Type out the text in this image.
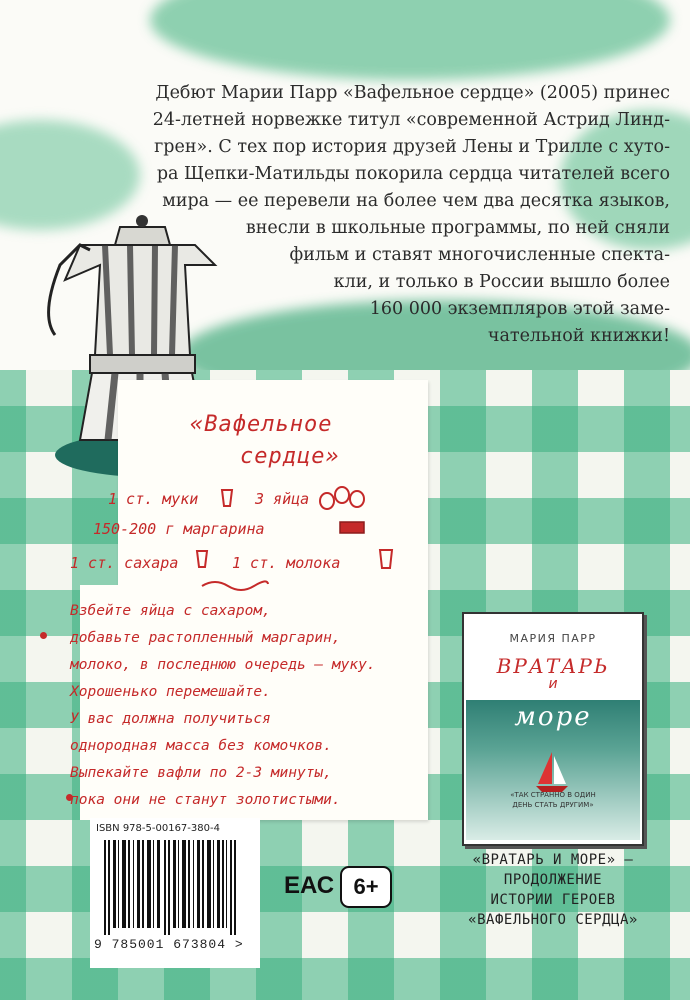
Дебют Марии Парр «Вафельное сердце» (2005) принес
24-летней норвежке титул «современной Астрид Линд-
грен». С тех пор история друзей Лены и Трилле с хуто-
ра Щепки-Матильды покорила сердца читателей всего
мира — ее перевели на более чем два десятка языков,
внесли в школьные программы, по ней сняли
фильм и ставят многочисленные спекта-
кли, и только в России вышло более
160 000 экземпляров этой заме-
чательной книжки!

«Вафельное
сердце»
1 ст. муки	3 яйца
150-200 г маргарина
1 ст. сахара	1 ст. молока

Взбейте яйца с сахаром,
добавьте растопленный маргарин,
молоко, в последнюю очередь – муку.
Хорошенько перемешайте.
У вас должна получиться
однородная масса без комочков.
Выпекайте вафли по 2-3 минуты,
пока они не станут золотистыми.

МАРИЯ ПАРР
ВРАТАРЬ
и
море
«ТАК СТРАННО В ОДИН
ДЕНЬ СТАТЬ ДРУГИМ»
«ВРАТАРЬ И МОРЕ» —
ПРОДОЛЖЕНИЕ
ИСТОРИИ ГЕРОЕВ
«ВАФЕЛЬНОГО СЕРДЦА»
ISBN 978-5-00167-380-4
9 785001 673804 >
ЕАС 6+
